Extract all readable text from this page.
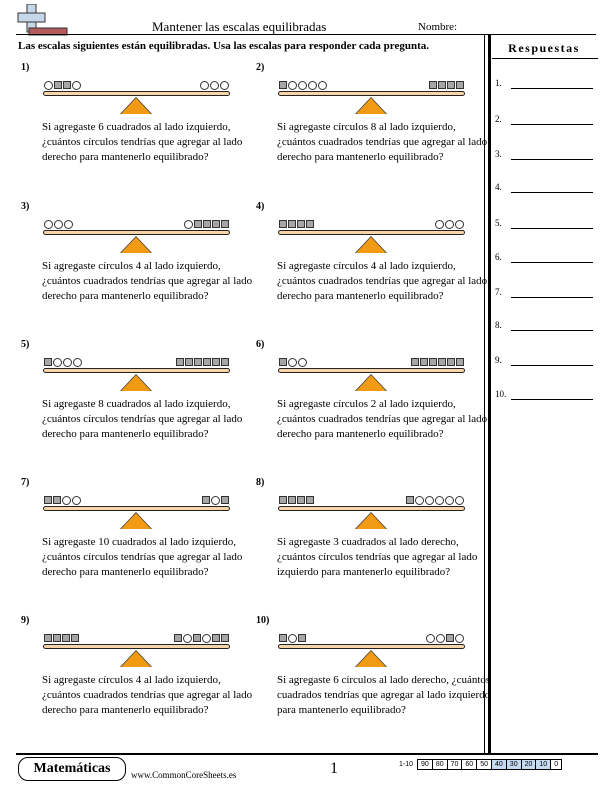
Mantener las escalas equilibradas	Nombre:
Las escalas siguientes están equilibradas. Usa las escalas para responder cada pregunta.	Respuestas
1.
2.
3.
4.
5.
6.
7.
8.
9.
10.
1)
Si agregaste 6 cuadrados al lado izquierdo, ¿cuántos círculos tendrías que agregar al lado derecho para mantenerlo equilibrado?
2)
Si agregaste círculos 8 al lado izquierdo, ¿cuántos cuadrados tendrías que agregar al lado derecho para mantenerlo equilibrado?
3)
Si agregaste círculos 4 al lado izquierdo, ¿cuántos cuadrados tendrías que agregar al lado derecho para mantenerlo equilibrado?
4)
Si agregaste círculos 4 al lado izquierdo, ¿cuántos cuadrados tendrías que agregar al lado derecho para mantenerlo equilibrado?
5)
Si agregaste 8 cuadrados al lado izquierdo, ¿cuántos círculos tendrías que agregar al lado derecho para mantenerlo equilibrado?
6)
Si agregaste círculos 2 al lado izquierdo, ¿cuántos cuadrados tendrías que agregar al lado derecho para mantenerlo equilibrado?
7)
Si agregaste 10 cuadrados al lado izquierdo, ¿cuántos círculos tendrías que agregar al lado derecho para mantenerlo equilibrado?
8)
Si agregaste 3 cuadrados al lado derecho, ¿cuántos círculos tendrías que agregar al lado izquierdo para mantenerlo equilibrado?
9)
Si agregaste círculos 4 al lado izquierdo, ¿cuántos cuadrados tendrías que agregar al lado derecho para mantenerlo equilibrado?
10)
Si agregaste 6 círculos al lado derecho, ¿cuántos cuadrados tendrías que agregar al lado izquierdo para mantenerlo equilibrado?
Matemáticas	www.CommonCoreSheets.es	1	1-10	90	80	70	60	50	40	30	20	10	0
